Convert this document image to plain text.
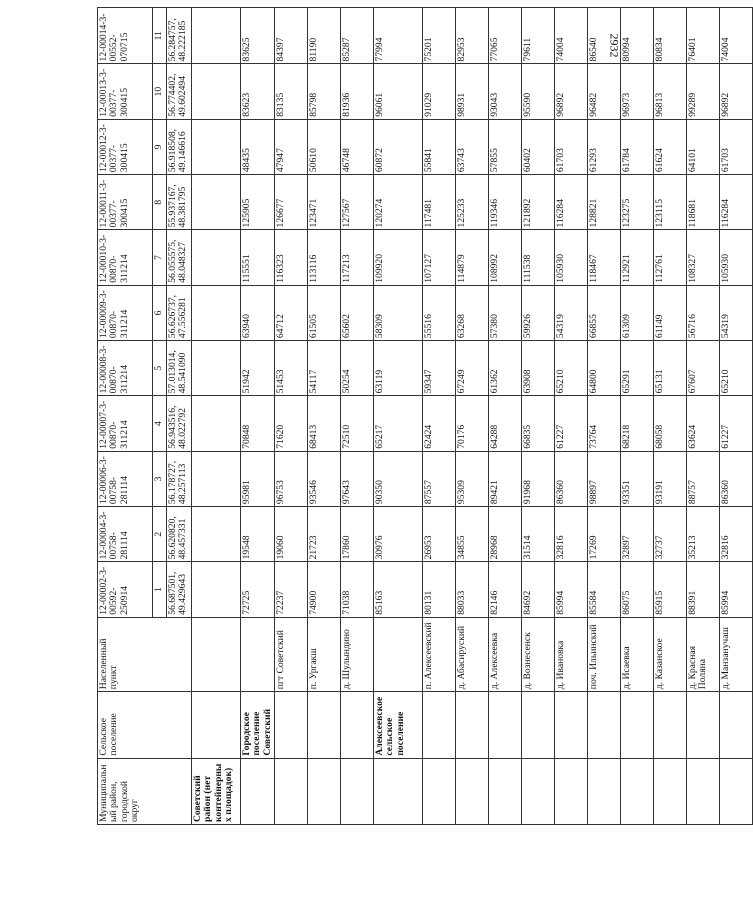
2932
Муниципальный район, городской округ	Сельское поселение	Населенный пункт	12-00002-3-00592-250914	12-00004-3-00758-281114	12-00006-3-00758-281114	12-00007-3-00870-311214	12-00008-3-00870-311214	12-00009-3-00870-311214	12-00010-3-00870-311214	12-00011-3-00377-300415	12-00012-3-00377-300415	12-00013-3-00377-300415	12-00014-3-00552-070715
			1	2	3	4	5	6	7	8	9	10	11
			56.687501, 49.429643	56.620820, 48.457331	56.178727, 48.257113	56.943516, 48.022792	57.013014, 48.541090	56.626737, 47.556281	56.055575, 48.048327	55.937167, 48.381795	56.918508, 49.146616	56.774402, 49.602494	56.284757, 48.222185
Советский район (нет контейнерных площадок)													
	Городское поселение Советский		72725	19548	95981	70848	51942	63940	115551	125905	48435	83623	83625
		пгт Советский	72237	19060	96753	71620	51453	64712	116323	126677	47947	83135	84397
		п. Ургакш	74900	21723	93546	68413	54117	61505	113116	123471	50610	85798	81190
		д. Шулындино	71038	17860	97643	72510	50254	65602	117213	127567	46748	81936	85287
	Алексеевское сельское поселение		85163	30976	90350	65217	63119	58309	109920	120274	60872	96061	77994
		п. Алексеевский	80131	26953	87557	62424	59347	55516	107127	117481	55841	91029	75201
		д. Абасируский	88033	34855	95309	70176	67249	63268	114879	125233	63743	98931	82953
		д. Алексеевка	82146	28968	89421	64288	61362	57380	108992	119346	57855	93043	77065
		д. Вознесенск	84692	31514	91968	66835	63908	59926	111538	121892	60402	95590	79611
		д. Ивановка	85994	32816	86360	61227	65210	54319	105930	116284	61703	96892	74004
		поч. Ильинский	85584	17269	98897	73764	64800	66855	118467	128821	61293	96482	86540
		д. Исаевка	86075	32897	93351	68218	65291	61309	112921	123275	61784	96973	80994
		д. Казанское	85915	32737	93191	68058	65131	61149	112761	123115	61624	96813	80834
		д. Красная Поляна	88391	35213	88757	63624	67607	56716	108327	118681	64101	99289	76401
		д. Манзанучаш	85994	32816	86360	61227	65210	54319	105930	116284	61703	96892	74004
